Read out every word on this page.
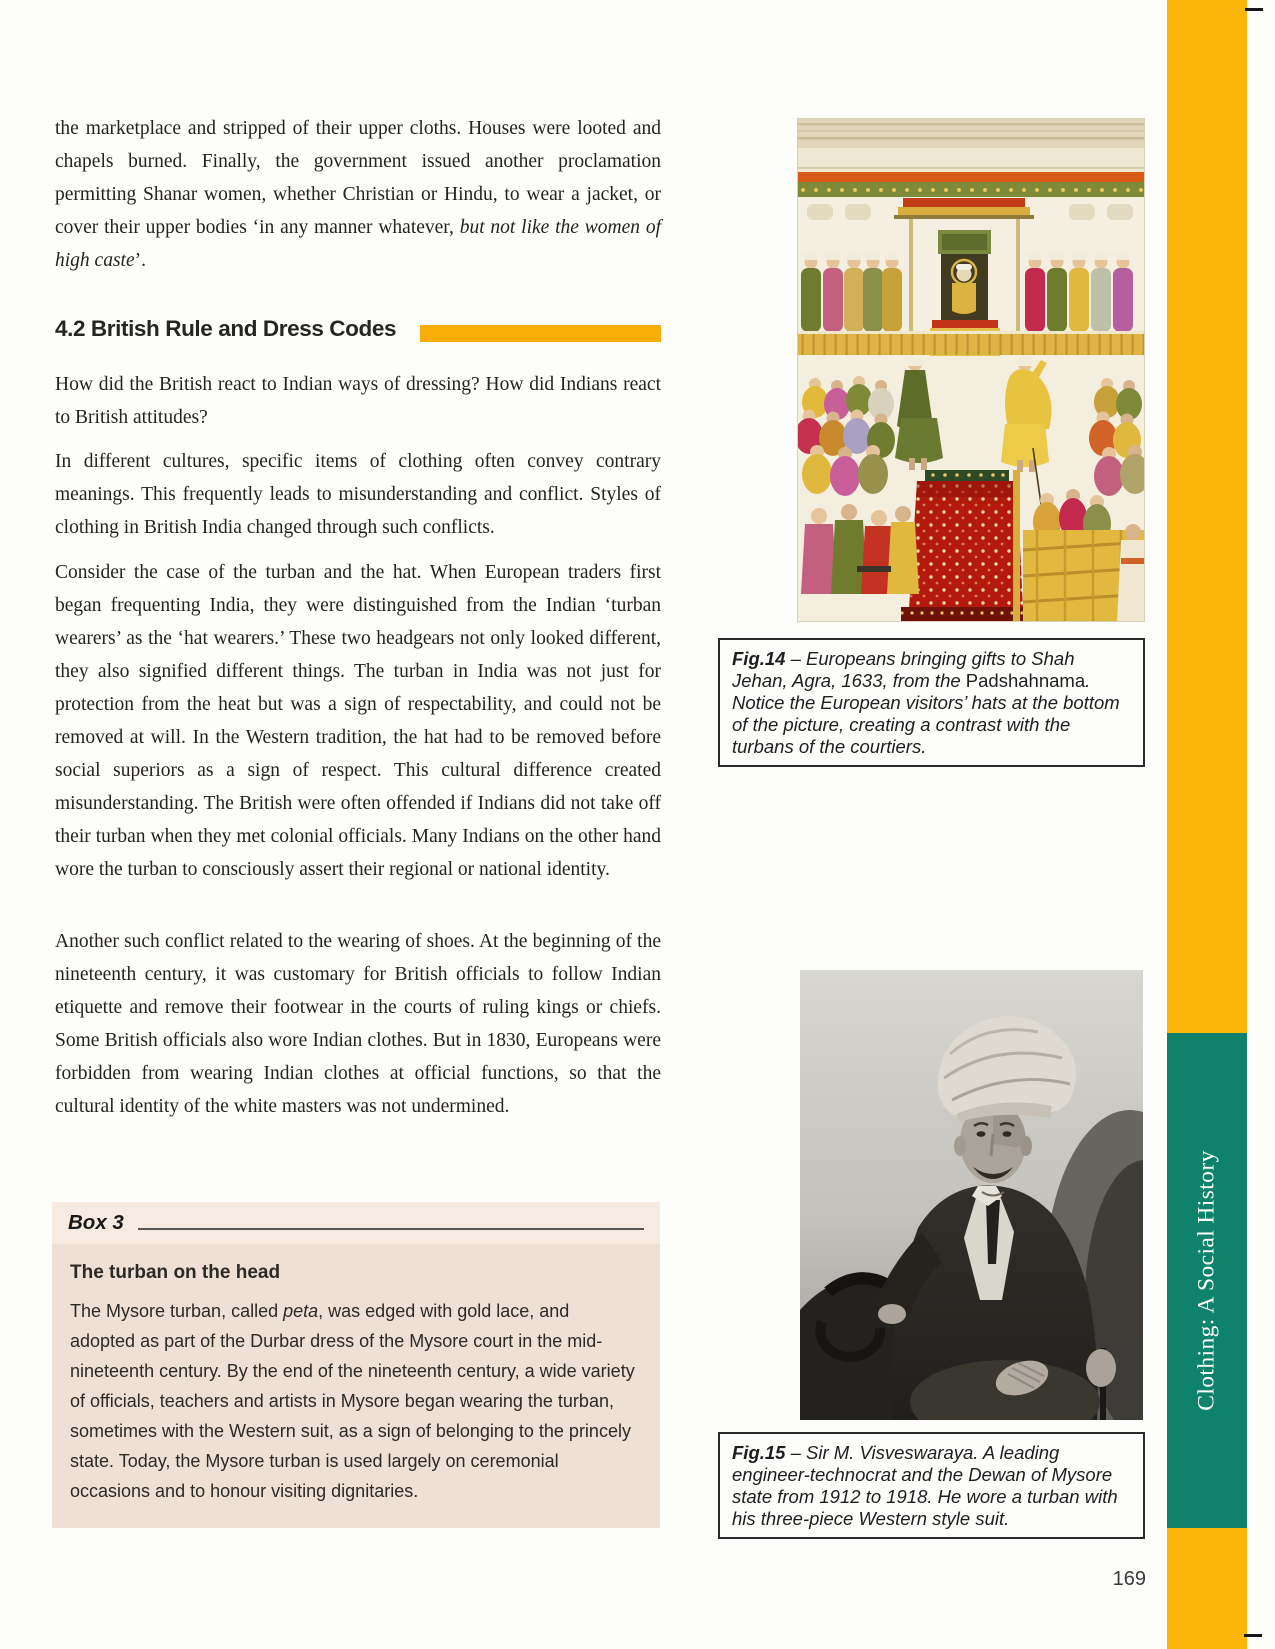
Clothing: A Social History

the marketplace and stripped of their upper cloths. Houses were looted and chapels burned. Finally, the government issued another proclamation permitting Shanar women, whether Christian or Hindu, to wear a jacket, or cover their upper bodies ‘in any manner whatever, but not like the women of high caste’.

4.2 British Rule and Dress Codes

How did the British react to Indian ways of dressing? How did Indians react to British attitudes?

In different cultures, specific items of clothing often convey contrary meanings. This frequently leads to misunderstanding and conflict. Styles of clothing in British India changed through such conflicts.

Consider the case of the turban and the hat. When European traders first began frequenting India, they were distinguished from the Indian ‘turban wearers’ as the ‘hat wearers.’ These two headgears not only looked different, they also signified different things. The turban in India was not just for protection from the heat but was a sign of respectability, and could not be removed at will. In the Western tradition, the hat had to be removed before social superiors as a sign of respect. This cultural difference created misunderstanding. The British were often offended if Indians did not take off their turban when they met colonial officials. Many Indians on the other hand wore the turban to consciously assert their regional or national identity.

Another such conflict related to the wearing of shoes. At the beginning of the nineteenth century, it was customary for British officials to follow Indian etiquette and remove their footwear in the courts of ruling kings or chiefs. Some British officials also wore Indian clothes. But in 1830, Europeans were forbidden from wearing Indian clothes at official functions, so that the cultural identity of the white masters was not undermined.

Box 3
The turban on the head

The Mysore turban, called peta, was edged with gold lace, and adopted as part of the Durbar dress of the Mysore court in the mid-nineteenth century. By the end of the nineteenth century, a wide variety of officials, teachers and artists in Mysore began wearing the turban, sometimes with the Western suit, as a sign of belonging to the princely state. Today, the Mysore turban is used largely on ceremonial occasions and to honour visiting dignitaries.

Fig.14 – Europeans bringing gifts to Shah Jehan, Agra, 1633, from the Padshahnama. Notice the European visitors’ hats at the bottom of the picture, creating a contrast with the turbans of the courtiers.
Fig.15 – Sir M. Visveswaraya. A leading engineer-technocrat and the Dewan of Mysore state from 1912 to 1918. He wore a turban with his three-piece Western style suit.
169
